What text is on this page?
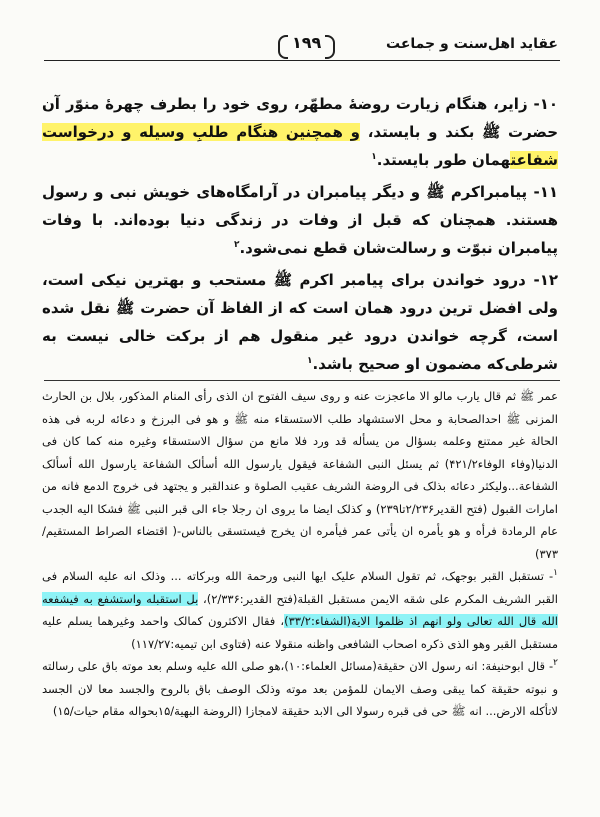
عقاید اهل‌سنت و جماعت
۱۹۹

۱۰- زایر، هنگام زیارت روضهٔ مطهّر، روی خود را بطرف چهرهٔ منوّر آن حضرت ﷺ بکند و بایستد، و همچنین هنگام طلبِ وسیله و درخواست شفاعتهمان طور بایستد.$^۱$

۱۱- پیامبراکرم ﷺ و دیگر پیامبران در آرامگاه‌های خویش نبی و رسول هستند. همچنان که قبل از وفات در زندگی دنیا بوده‌اند. با وفات پیامبران نبوّت و رسالت‌شان قطع نمی‌شود.$^۲$

۱۲- درود خواندن برای پیامبر اکرم ﷺ مستحب و بهترین نیکی است، ولی افضل ترین درود همان است که از الفاظ آن حضرت ﷺ نقل شده است، گرچه خواندن درود غیر منقول هم از برکت خالی نیست به شرطی‌که مضمون او صحیح باشد.$^۱$

عمر ﷺ ثم قال یارب مالو الا ماعجزت عنه و روی سیف الفتوح ان الذی رأی المنام المذکور، بلال بن الحارث المزنی ﷺ احدالصحابة و محل الاستشهاد طلب الاستسقاء منه ﷺ و هو فی البرزخ و دعائه لربه فی هذه الحالة غیر ممتنع وعلمه بسؤال من یسأله قد ورد فلا مانع من سؤال الاستسقاء وغیره منه کما کان فی الدنیا(وفاء الوفاء۴۲۱/۲) ثم یسئل النبی الشفاعة فیقول یارسول الله أسألک الشفاعة یارسول الله أسألک الشفاعة...ولیکثر دعائه بذلک فی الروضة الشریف عقیب الصلوة و عندالقبر و یجتهد فی خروج الدمع فانه من امارات القبول (فتح القدیر۲/۲۳۶تا۲۳۹) و کذلک ایضا ما یروی ان رجلا جاء الی قبر النبی ﷺ فشکا الیه الجدب عام الرمادة فرأه و هو یأمره ان یأتی عمر فیأمره ان یخرج فیستسقی بالناس-( اقتضاء الصراط المستقیم/۳۷۳)

$^۱$- تستقبل القبر بوجهک، ثم تقول السلام علیک ایها النبی ورحمة الله وبرکاته ... وذلک انه علیه السلام فی القبر الشریف المکرم علی شقه الایمن مستقبل القبلة(فتح القدیر:۲/۳۳۶)، بل استقبله واستشفع به فیشفعه الله قال الله تعالی ولو انهم اذ ظلموا الایة(الشفاء:۳۳/۲)، فقال الاکثرون کمالک واحمد وغیرهما یسلم علیه مستقبل القبر وهو الذی ذکره اصحاب الشافعی واظنه منقولا عنه (فتاوی ابن تیمیه:۱۱۷/۲۷)

$^۲$- قال ابوحنیفة: انه رسول الان حقیقة(مسائل العلماء:۱۰)،هو صلی الله علیه وسلم بعد موته باق علی رسالته و نبوته حقیقة کما یبقی وصف الایمان للمؤمن بعد موته وذلک الوصف باق بالروح والجسد معا لان الجسد لاتأکله الارض... انه ﷺ حی فی قبره رسولا الی الابد حقیقة لامجازا (الروضة البهیة/۱۵بحواله مقام حیات/۱۵)
